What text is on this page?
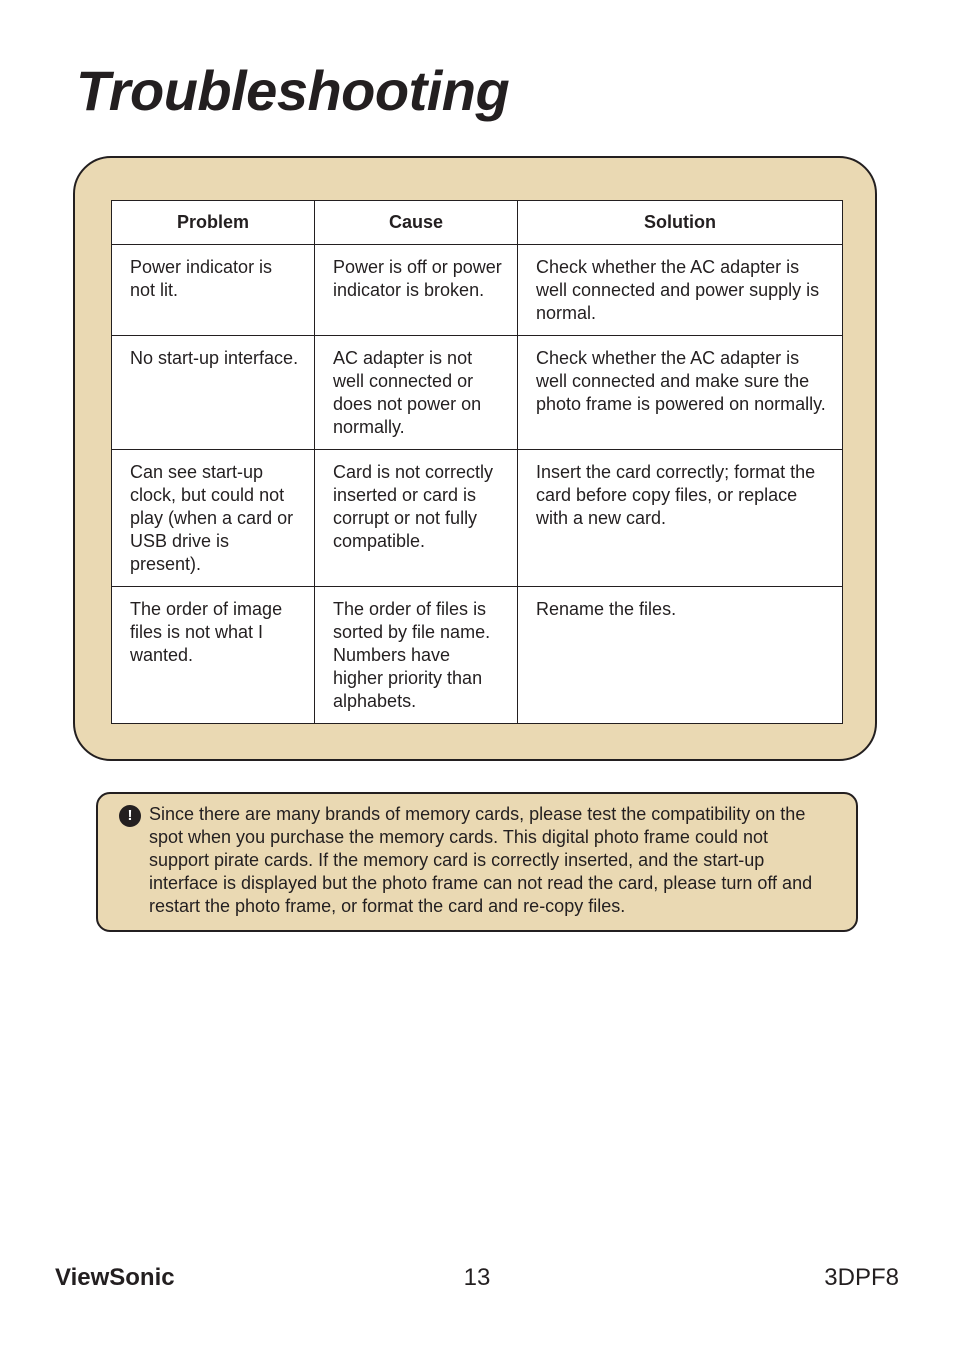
Troubleshooting
Problem	Cause	Solution
Power indicator is not lit.	Power is off or power indicator is broken.	Check whether the AC adapter is well connected and power supply is normal.
No start-up interface.	AC adapter is not well connected or does not power on normally.	Check whether the AC adapter is well connected and make sure the photo frame is powered on normally.
Can see start-up clock, but could not play (when a card or USB drive is present).	Card is not correctly inserted or card is corrupt or not fully compatible.	Insert the card correctly; format the card before copy files, or replace with a new card.
The order of image files is not what I wanted.	The order of files is sorted by file name. Numbers have higher priority than alphabets.	Rename the files.
! Since there are many brands of memory cards, please test the compatibility on the spot when you purchase the memory cards. This digital photo frame could not support pirate cards. If the memory card is correctly inserted, and the start-up interface is displayed but the photo frame can not read the card, please turn off and restart the photo frame, or format the card and re-copy files.

ViewSonic	13	3DPF8
